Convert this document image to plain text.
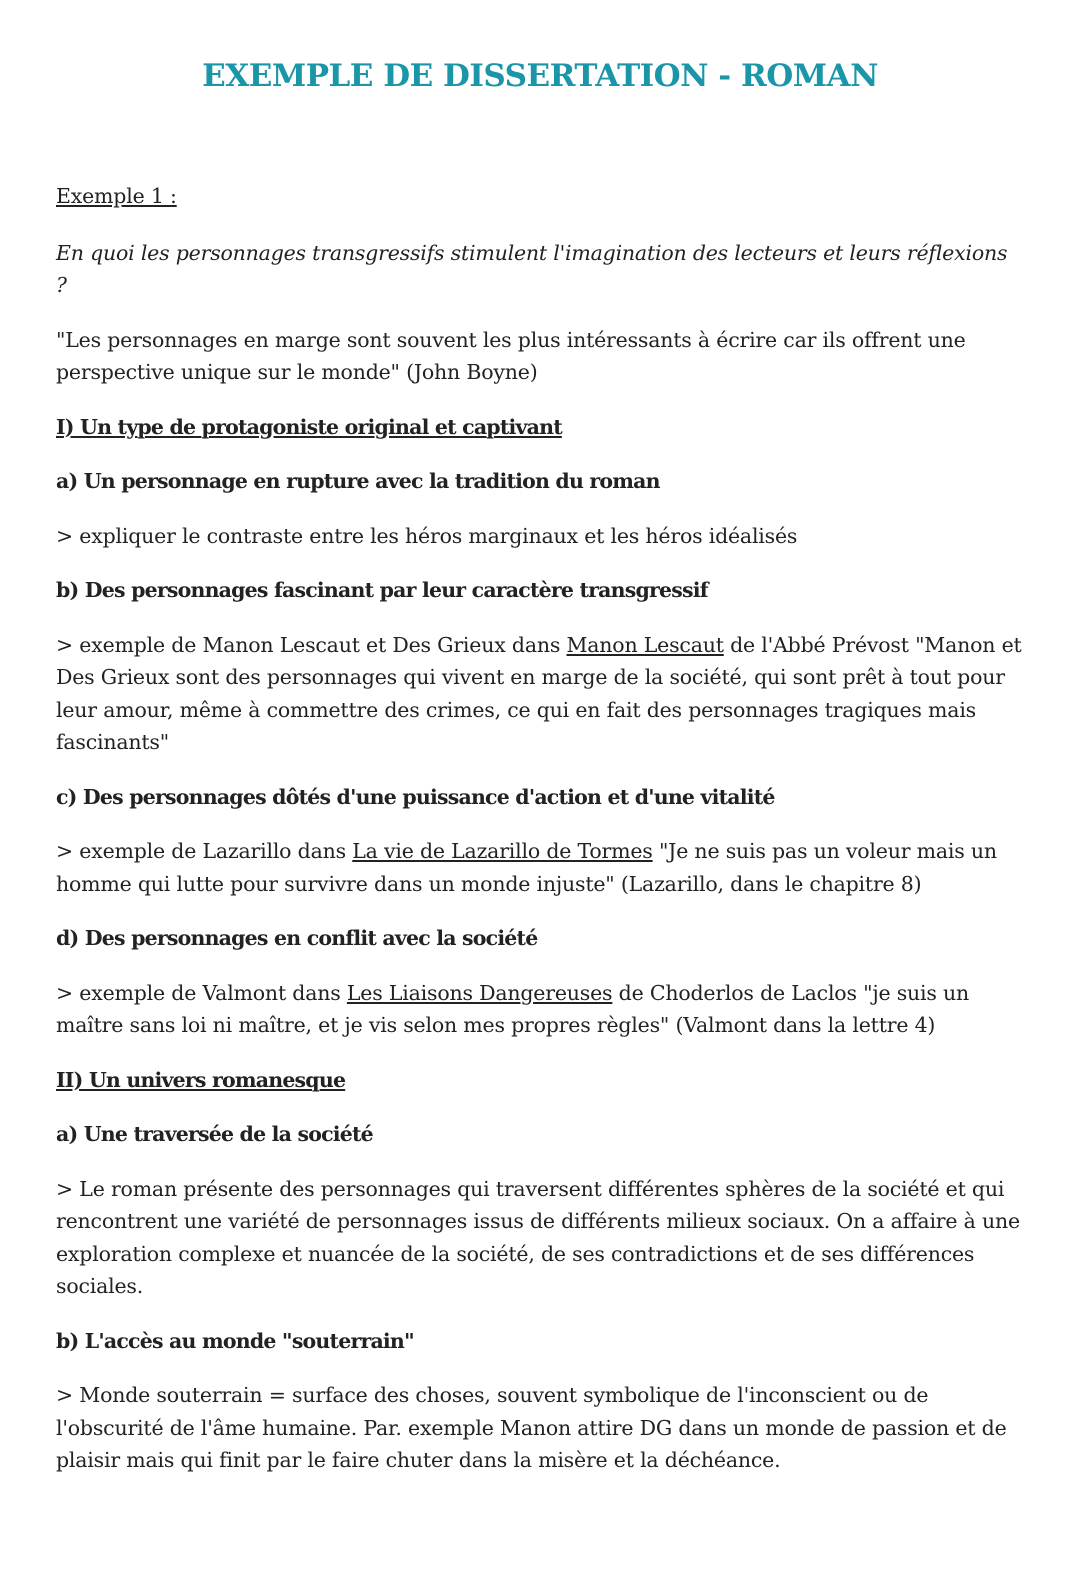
EXEMPLE DE DISSERTATION - ROMAN

Exemple 1 :

En quoi les personnages transgressifs stimulent l'imagination des lecteurs et leurs réflexions ?

"Les personnages en marge sont souvent les plus intéressants à écrire car ils offrent une perspective unique sur le monde" (John Boyne)

I) Un type de protagoniste original et captivant

a) Un personnage en rupture avec la tradition du roman

> expliquer le contraste entre les héros marginaux et les héros idéalisés

b) Des personnages fascinant par leur caractère transgressif

> exemple de Manon Lescaut et Des Grieux dans Manon Lescaut de l'Abbé Prévost "Manon et Des Grieux sont des personnages qui vivent en marge de la société, qui sont prêt à tout pour leur amour, même à commettre des crimes, ce qui en fait des personnages tragiques mais fascinants"

c) Des personnages dôtés d'une puissance d'action et d'une vitalité

> exemple de Lazarillo dans La vie de Lazarillo de Tormes "Je ne suis pas un voleur mais un homme qui lutte pour survivre dans un monde injuste" (Lazarillo, dans le chapitre 8)

d) Des personnages en conflit avec la société

> exemple de Valmont dans Les Liaisons Dangereuses de Choderlos de Laclos "je suis un maître sans loi ni maître, et je vis selon mes propres règles" (Valmont dans la lettre 4)

II) Un univers romanesque

a) Une traversée de la société

> Le roman présente des personnages qui traversent différentes sphères de la société et qui rencontrent une variété de personnages issus de différents milieux sociaux. On a affaire à une exploration complexe et nuancée de la société, de ses contradictions et de ses différences sociales.

b) L'accès au monde "souterrain"

> Monde souterrain = surface des choses, souvent symbolique de l'inconscient ou de l'obscurité de l'âme humaine. Par. exemple Manon attire DG dans un monde de passion et de plaisir mais qui finit par le faire chuter dans la misère et la déchéance.
